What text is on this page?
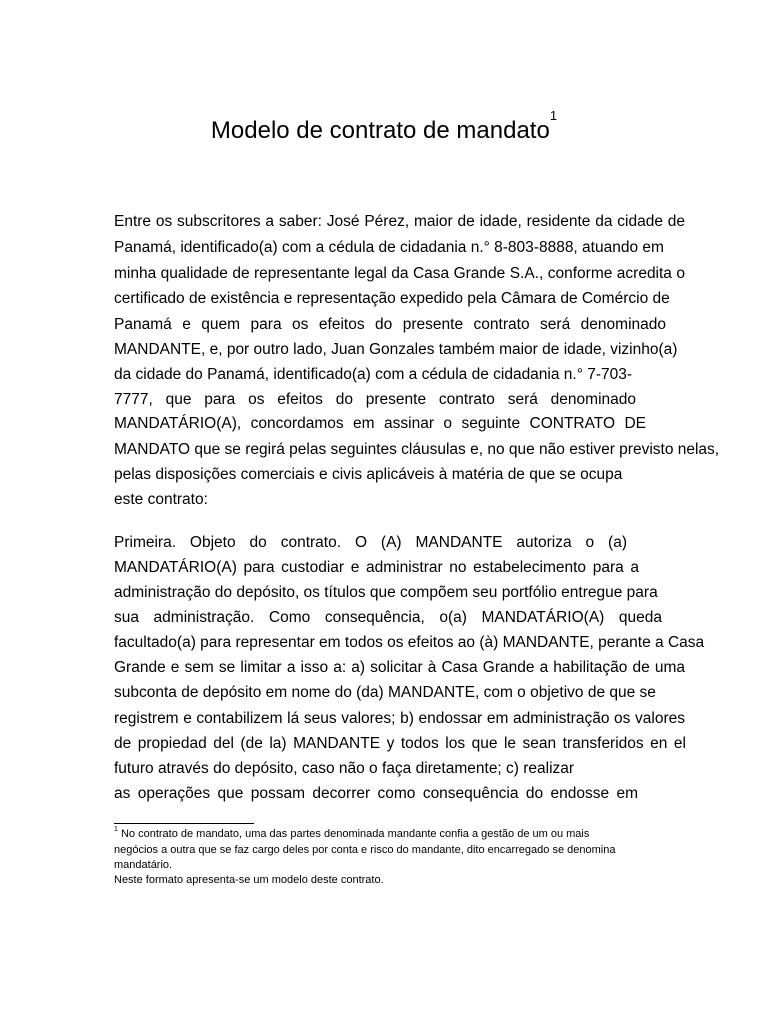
Modelo de contrato de mandato$^1$
Entre os subscritores a saber: José Pérez, maior de idade, residente da cidade de
Panamá, identificado(a) com a cédula de cidadania n.° 8-803-8888, atuando em
minha qualidade de representante legal da Casa Grande S.A., conforme acredita o
certificado de existência e representação expedido pela Câmara de Comércio de
Panamá e quem para os efeitos do presente contrato será denominado
MANDANTE, e, por outro lado, Juan Gonzales também maior de idade, vizinho(a)
da cidade do Panamá, identificado(a) com a cédula de cidadania n.° 7-703-
7777, que para os efeitos do presente contrato será denominado
MANDATÁRIO(A), concordamos em assinar o seguinte CONTRATO DE
MANDATO que se regirá pelas seguintes cláusulas e, no que não estiver previsto nelas,
pelas disposições comerciais e civis aplicáveis à matéria de que se ocupa
este contrato:
Primeira. Objeto do contrato. O (A) MANDANTE autoriza o (a)
MANDATÁRIO(A) para custodiar e administrar no estabelecimento para a
administração do depósito, os títulos que compõem seu portfólio entregue para
sua administração. Como consequência, o(a) MANDATÁRIO(A) queda
facultado(a) para representar em todos os efeitos ao (à) MANDANTE, perante a Casa
Grande e sem se limitar a isso a: a) solicitar à Casa Grande a habilitação de uma
subconta de depósito em nome do (da) MANDANTE, com o objetivo de que se
registrem e contabilizem lá seus valores; b) endossar em administração os valores
de propiedad del (de la) MANDANTE y todos los que le sean transferidos en el
futuro através do depósito, caso não o faça diretamente; c) realizar
as operações que possam decorrer como consequência do endosse em
$^1$ No contrato de mandato, uma das partes denominada mandante confia a gestão de um ou mais
negócios a outra que se faz cargo deles por conta e risco do mandante, dito encarregado se denomina
mandatário.
Neste formato apresenta-se um modelo deste contrato.
